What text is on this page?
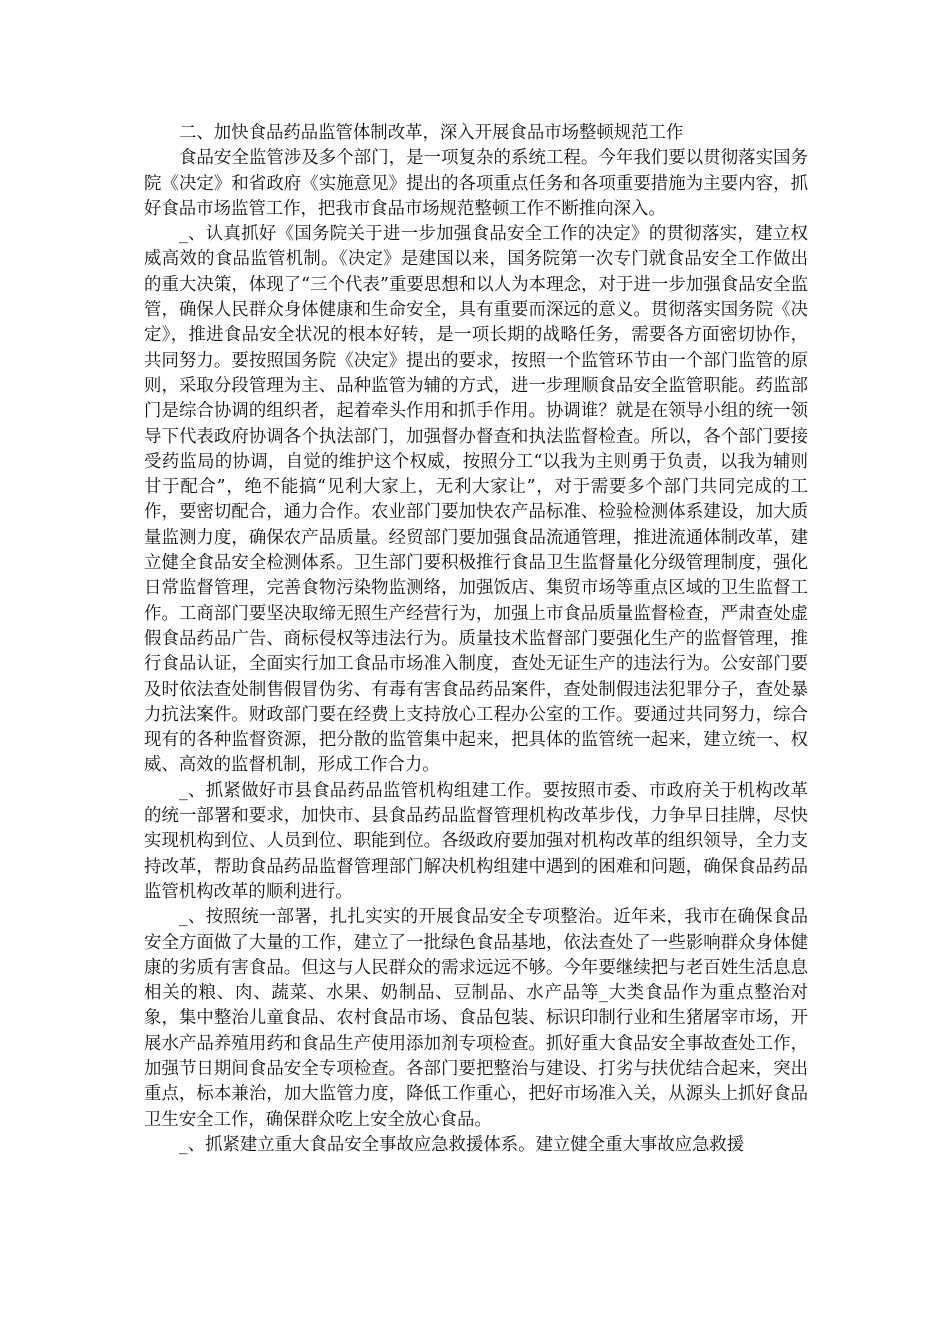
二、加快食品药品监管体制改革，深入开展食品市场整顿规范工作

食品安全监管涉及多个部门，是一项复杂的系统工程。今年我们要以贯彻落实国务院《决定》和省政府《实施意见》提出的各项重点任务和各项重要措施为主要内容，抓好食品市场监管工作，把我市食品市场规范整顿工作不断推向深入。

_、认真抓好《国务院关于进一步加强食品安全工作的决定》的贯彻落实，建立权威高效的食品监管机制。《决定》是建国以来，国务院第一次专门就食品安全工作做出的重大决策，体现了“三个代表”重要思想和以人为本理念，对于进一步加强食品安全监管，确保人民群众身体健康和生命安全，具有重要而深远的意义。贯彻落实国务院《决定》，推进食品安全状况的根本好转，是一项长期的战略任务，需要各方面密切协作，共同努力。要按照国务院《决定》提出的要求，按照一个监管环节由一个部门监管的原则，采取分段管理为主、品种监管为辅的方式，进一步理顺食品安全监管职能。药监部门是综合协调的组织者，起着牵头作用和抓手作用。协调谁？就是在领导小组的统一领导下代表政府协调各个执法部门，加强督办督查和执法监督检查。所以，各个部门要接受药监局的协调，自觉的维护这个权威，按照分工“以我为主则勇于负责，以我为辅则甘于配合”，绝不能搞“见利大家上，无利大家让”，对于需要多个部门共同完成的工作，要密切配合，通力合作。农业部门要加快农产品标准、检验检测体系建设，加大质量监测力度，确保农产品质量。经贸部门要加强食品流通管理，推进流通体制改革，建立健全食品安全检测体系。卫生部门要积极推行食品卫生监督量化分级管理制度，强化日常监督管理，完善食物污染物监测络，加强饭店、集贸市场等重点区域的卫生监督工作。工商部门要坚决取缔无照生产经营行为，加强上市食品质量监督检查，严肃查处虚假食品药品广告、商标侵权等违法行为。质量技术监督部门要强化生产的监督管理，推行食品认证，全面实行加工食品市场准入制度，查处无证生产的违法行为。公安部门要及时依法查处制售假冒伪劣、有毒有害食品药品案件，查处制假违法犯罪分子，查处暴力抗法案件。财政部门要在经费上支持放心工程办公室的工作。要通过共同努力，综合现有的各种监督资源，把分散的监管集中起来，把具体的监管统一起来，建立统一、权威、高效的监督机制，形成工作合力。

_、抓紧做好市县食品药品监管机构组建工作。要按照市委、市政府关于机构改革的统一部署和要求，加快市、县食品药品监督管理机构改革步伐，力争早日挂牌，尽快实现机构到位、人员到位、职能到位。各级政府要加强对机构改革的组织领导，全力支持改革，帮助食品药品监督管理部门解决机构组建中遇到的困难和问题，确保食品药品监管机构改革的顺利进行。

_、按照统一部署，扎扎实实的开展食品安全专项整治。近年来，我市在确保食品安全方面做了大量的工作，建立了一批绿色食品基地，依法查处了一些影响群众身体健康的劣质有害食品。但这与人民群众的需求远远不够。今年要继续把与老百姓生活息息相关的粮、肉、蔬菜、水果、奶制品、豆制品、水产品等_大类食品作为重点整治对象，集中整治儿童食品、农村食品市场、食品包装、标识印制行业和生猪屠宰市场，开展水产品养殖用药和食品生产使用添加剂专项检查。抓好重大食品安全事故查处工作，加强节日期间食品安全专项检查。各部门要把整治与建设、打劣与扶优结合起来，突出重点，标本兼治，加大监管力度，降低工作重心，把好市场准入关，从源头上抓好食品卫生安全工作，确保群众吃上安全放心食品。

_、抓紧建立重大食品安全事故应急救援体系。建立健全重大事故应急救援
